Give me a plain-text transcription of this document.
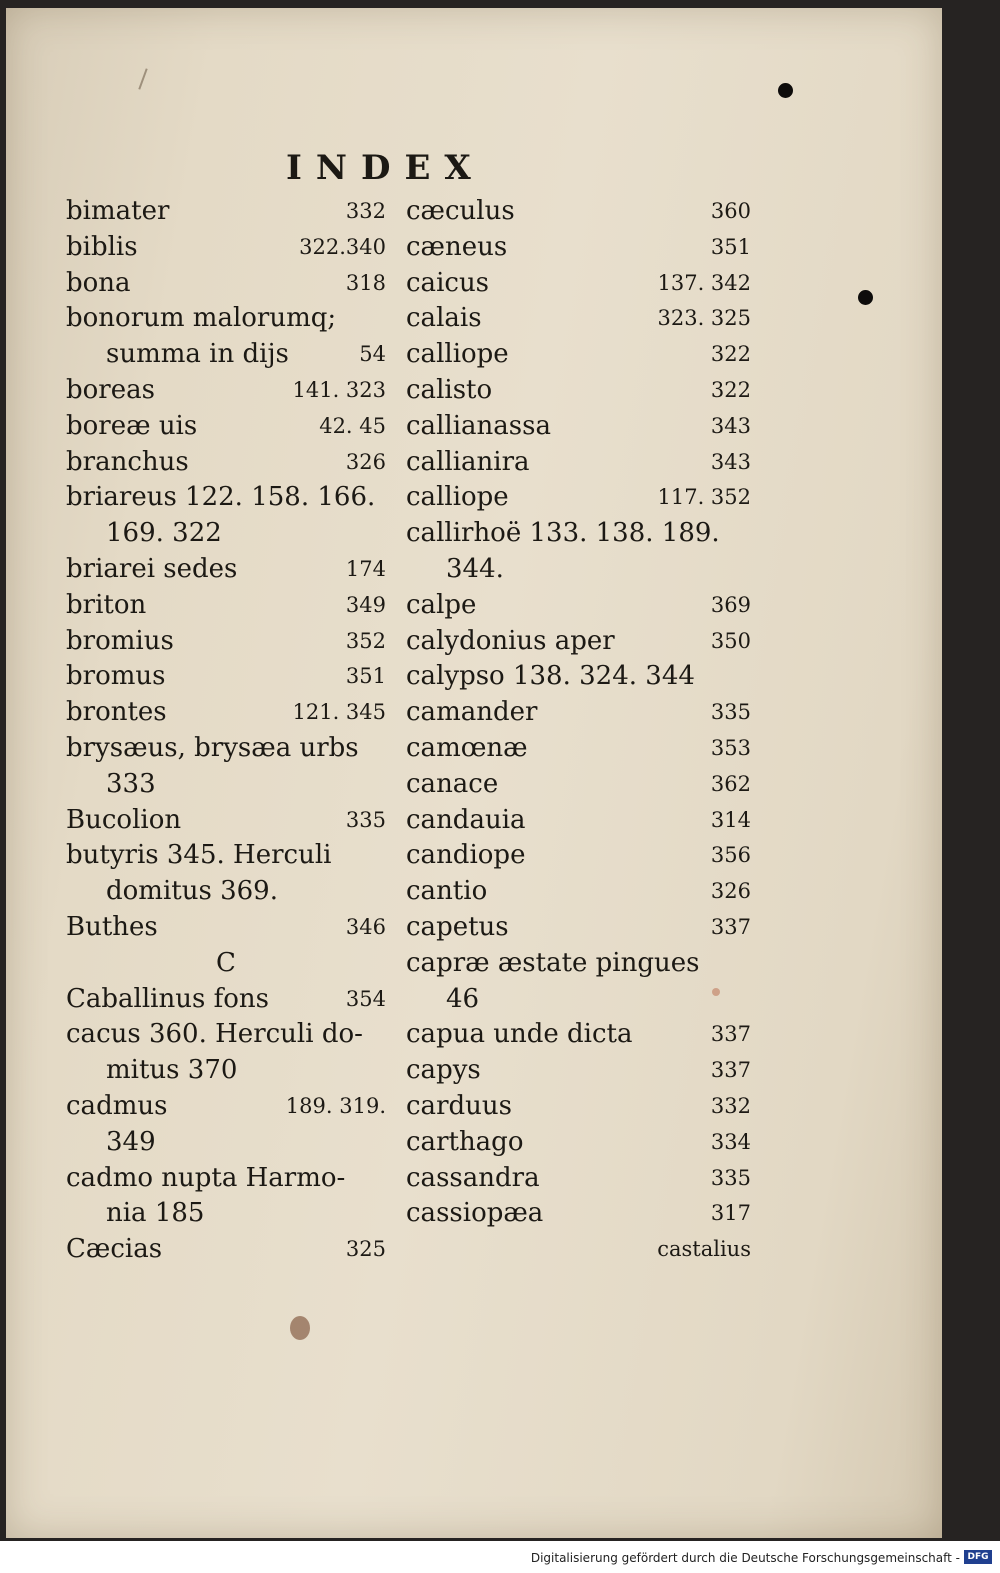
INDEX
bimater	332
biblis	322.340
bona	318
bonorum malorumq;
summa in dijs	54
boreas	141. 323
boreæ uis	42. 45
branchus	326
briareus 122. 158. 166.
169. 322
briarei sedes	174
briton	349
bromius	352
bromus	351
brontes	121. 345
brysæus, brysæa urbs
333
Bucolion	335
butyris 345. Herculi
domitus 369.
Buthes	346
C
Caballinus fons	354
cacus 360. Herculi do-
mitus 370
cadmus	189. 319.
349
cadmo nupta Harmo-
nia 185
Cæcias	325
cæculus	360
cæneus	351
caicus	137. 342
calais	323. 325
calliope	322
calisto	322
callianassa	343
callianira	343
calliope	117. 352
callirhoë 133. 138. 189.
344.
calpe	369
calydonius aper	350
calypso 138. 324. 344
camander	335
camœnæ	353
canace	362
candauia	314
candiope	356
cantio	326
capetus	337
capræ æstate pingues
46
capua unde dicta	337
capys	337
carduus	332
carthago	334
cassandra	335
cassiopæa	317
castalius
Digitalisierung gefördert durch die Deutsche Forschungsgemeinschaft - DFG
